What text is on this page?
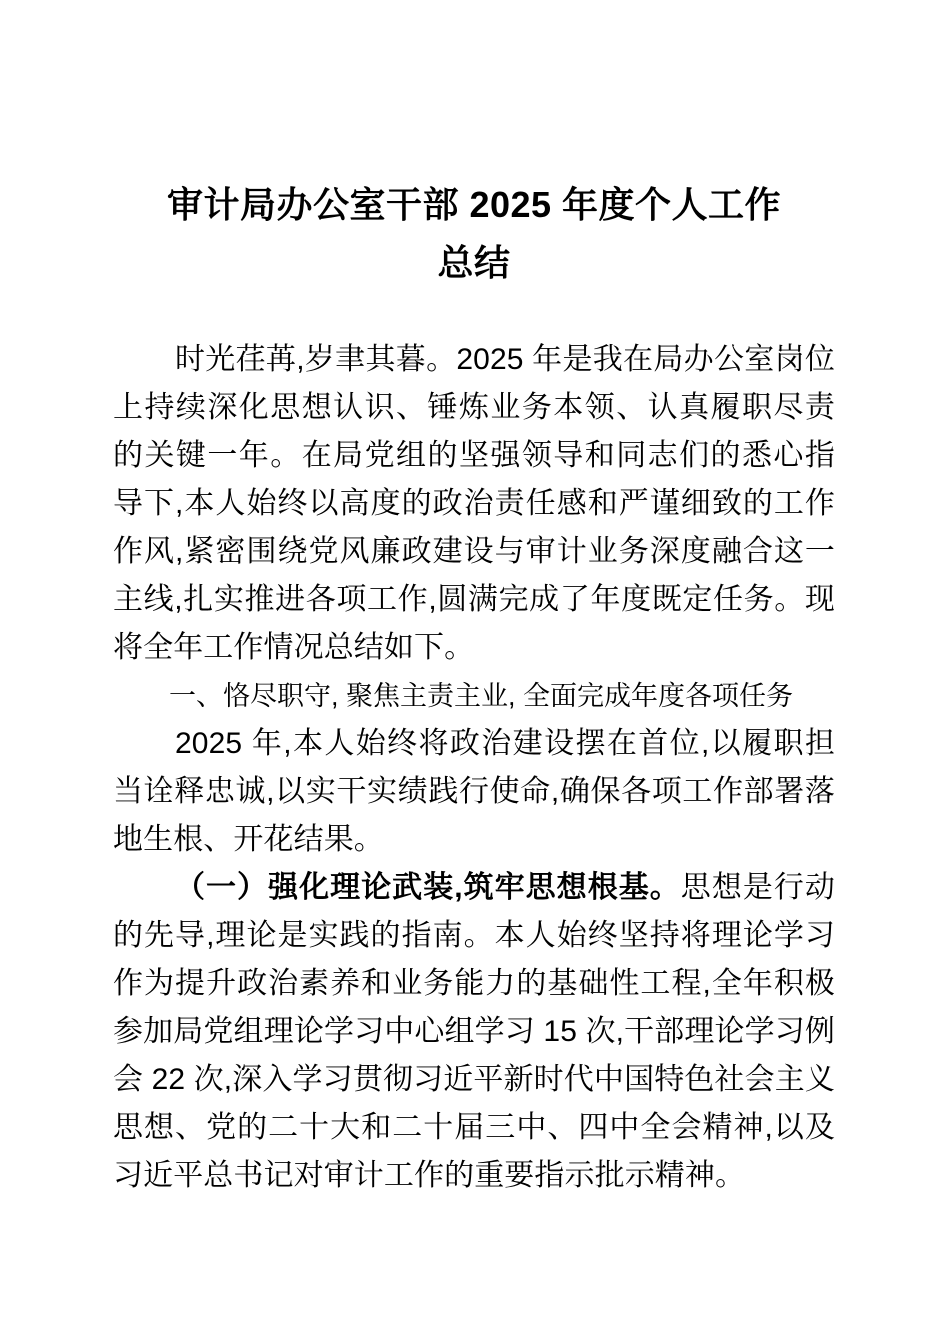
审计局办公室干部 2025 年度个人工作
总结

时光荏苒,岁聿其暮。2025 年是我在局办公室岗位上持续深化思想认识、锤炼业务本领、认真履职尽责的关键一年。在局党组的坚强领导和同志们的悉心指导下,本人始终以高度的政治责任感和严谨细致的工作作风,紧密围绕党风廉政建设与审计业务深度融合这一主线,扎实推进各项工作,圆满完成了年度既定任务。现将全年工作情况总结如下。

一、恪尽职守, 聚焦主责主业, 全面完成年度各项任务

2025 年,本人始终将政治建设摆在首位,以履职担当诠释忠诚,以实干实绩践行使命,确保各项工作部署落地生根、开花结果。

（一）强化理论武装,筑牢思想根基。思想是行动的先导,理论是实践的指南。本人始终坚持将理论学习作为提升政治素养和业务能力的基础性工程,全年积极参加局党组理论学习中心组学习 15 次,干部理论学习例会 22 次,深入学习贯彻习近平新时代中国特色社会主义思想、党的二十大和二十届三中、四中全会精神,以及习近平总书记对审计工作的重要指示批示精神。
